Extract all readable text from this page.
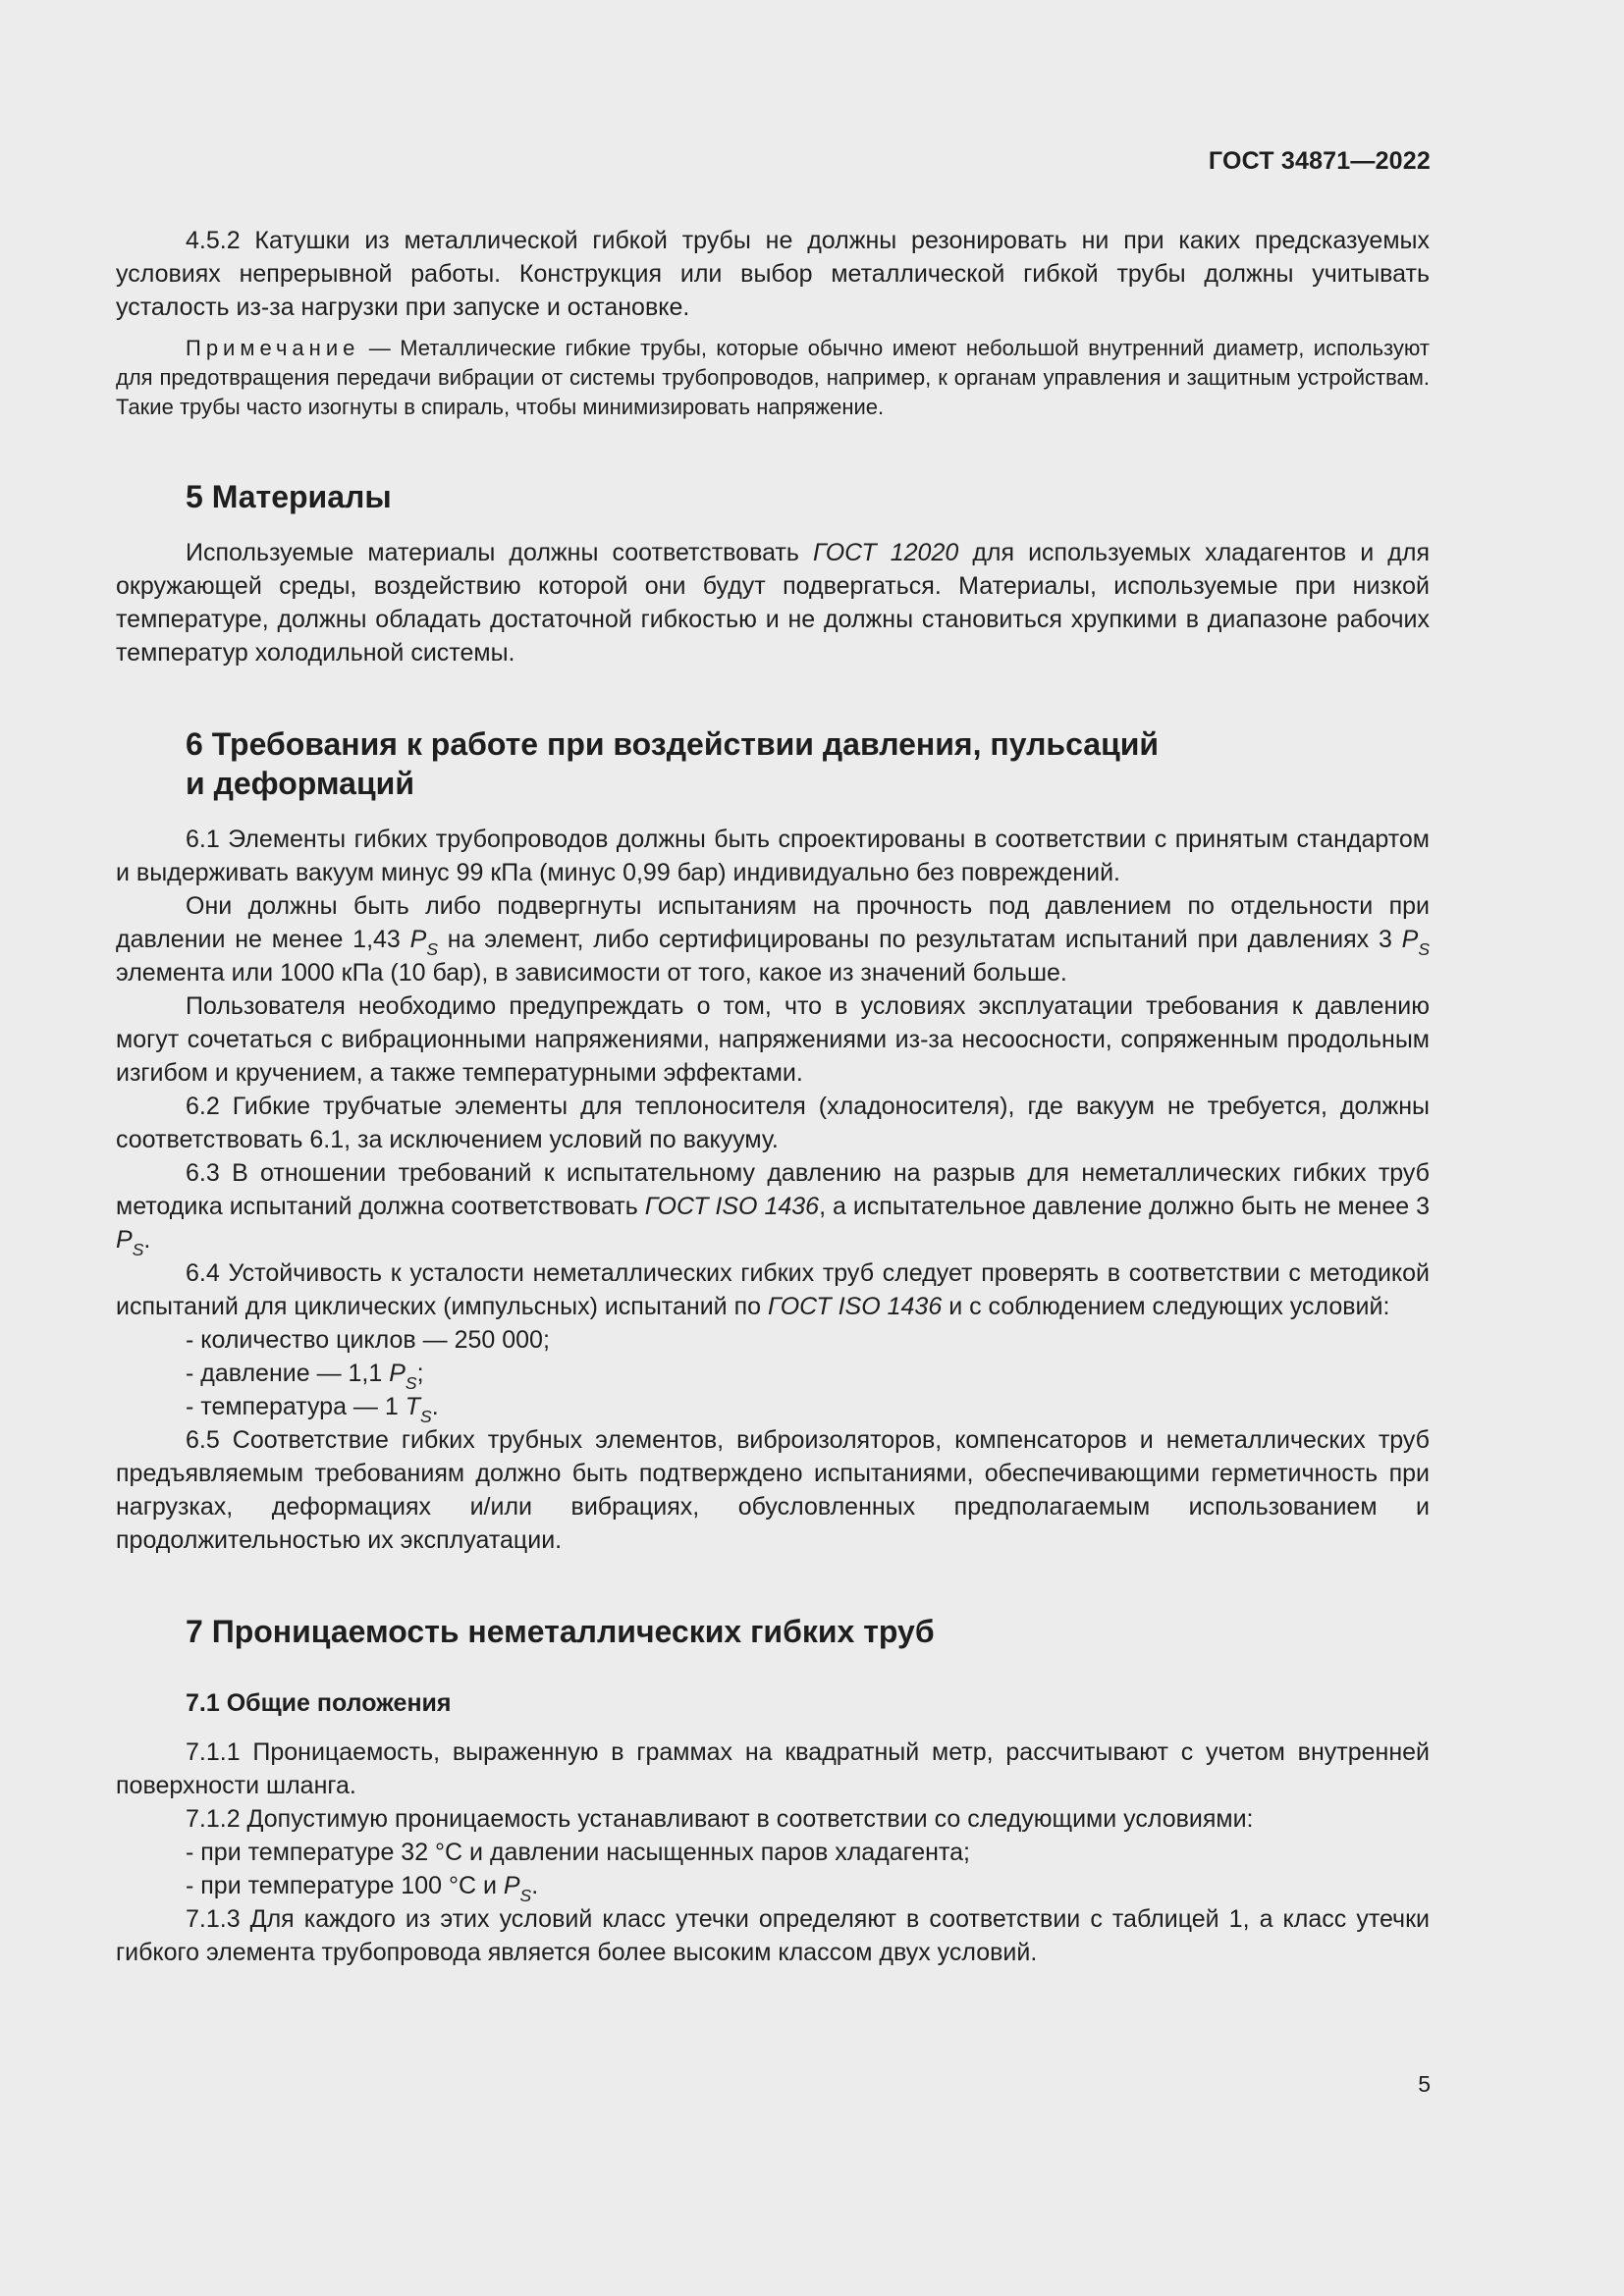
ГОСТ 34871—2022

4.5.2 Катушки из металлической гибкой трубы не должны резонировать ни при каких предсказуемых условиях непрерывной работы. Конструкция или выбор металлической гибкой трубы должны учитывать усталость из-за нагрузки при запуске и остановке.

Примечание — Металлические гибкие трубы, которые обычно имеют небольшой внутренний диаметр, используют для предотвращения передачи вибрации от системы трубопроводов, например, к органам управления и защитным устройствам. Такие трубы часто изогнуты в спираль, чтобы минимизировать напряжение.

5 Материалы

Используемые материалы должны соответствовать ГОСТ 12020 для используемых хладагентов и для окружающей среды, воздействию которой они будут подвергаться. Материалы, используемые при низкой температуре, должны обладать достаточной гибкостью и не должны становиться хрупкими в диапазоне рабочих температур холодильной системы.

6 Требования к работе при воздействии давления, пульсаций
и деформаций

6.1 Элементы гибких трубопроводов должны быть спроектированы в соответствии с принятым стандартом и выдерживать вакуум минус 99 кПа (минус 0,99 бар) индивидуально без повреждений.

Они должны быть либо подвергнуты испытаниям на прочность под давлением по отдельности при давлении не менее 1,43 $P_S$ на элемент, либо сертифицированы по результатам испытаний при давлениях 3 $P_S$ элемента или 1000 кПа (10 бар), в зависимости от того, какое из значений больше.

Пользователя необходимо предупреждать о том, что в условиях эксплуатации требования к давлению могут сочетаться с вибрационными напряжениями, напряжениями из-за несоосности, сопряженным продольным изгибом и кручением, а также температурными эффектами.

6.2 Гибкие трубчатые элементы для теплоносителя (хладоносителя), где вакуум не требуется, должны соответствовать 6.1, за исключением условий по вакууму.

6.3 В отношении требований к испытательному давлению на разрыв для неметаллических гибких труб методика испытаний должна соответствовать ГОСТ ISO 1436, а испытательное давление должно быть не менее 3 $P_S$.

6.4 Устойчивость к усталости неметаллических гибких труб следует проверять в соответствии с методикой испытаний для циклических (импульсных) испытаний по ГОСТ ISO 1436 и с соблюдением следующих условий:

- количество циклов — 250 000;

- давление — 1,1 $P_S$;

- температура — 1 $T_S$.

6.5 Соответствие гибких трубных элементов, виброизоляторов, компенсаторов и неметаллических труб предъявляемым требованиям должно быть подтверждено испытаниями, обеспечивающими герметичность при нагрузках, деформациях и/или вибрациях, обусловленных предполагаемым использованием и продолжительностью их эксплуатации.

7 Проницаемость неметаллических гибких труб
7.1 Общие положения

7.1.1 Проницаемость, выраженную в граммах на квадратный метр, рассчитывают с учетом внутренней поверхности шланга.

7.1.2 Допустимую проницаемость устанавливают в соответствии со следующими условиями:

- при температуре 32 °C и давлении насыщенных паров хладагента;

- при температуре 100 °C и $P_S$.

7.1.3 Для каждого из этих условий класс утечки определяют в соответствии с таблицей 1, а класс утечки гибкого элемента трубопровода является более высоким классом двух условий.

5
